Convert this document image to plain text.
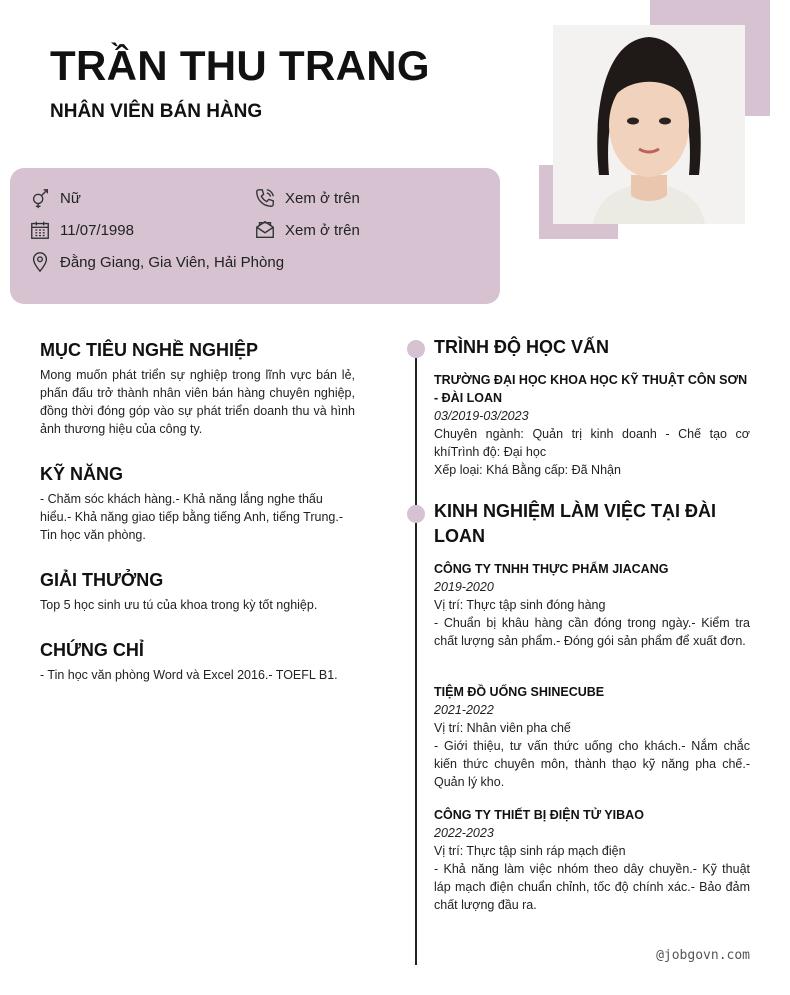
TRẦN THU TRANG
NHÂN VIÊN BÁN HÀNG
Nữ	Xem ở trên
11/07/1998	Xem ở trên
Đằng Giang, Gia Viên, Hải Phòng
MỤC TIÊU NGHỀ NGHIỆP

Mong muốn phát triển sự nghiệp trong lĩnh vực bán lẻ, phấn đấu trở thành nhân viên bán hàng chuyên nghiệp, đồng thời đóng góp vào sự phát triển doanh thu và hình ảnh thương hiệu của công ty.

KỸ NĂNG

- Chăm sóc khách hàng.- Khả năng lắng nghe thấu hiểu.- Khả năng giao tiếp bằng tiếng Anh, tiếng Trung.- Tin học văn phòng.

GIẢI THƯỞNG

Top 5 học sinh ưu tú của khoa trong kỳ tốt nghiệp.

CHỨNG CHỈ

- Tin học văn phòng Word và Excel 2016.- TOEFL B1.

TRÌNH ĐỘ HỌC VẤN

TRƯỜNG ĐẠI HỌC KHOA HỌC KỸ THUẬT CÔN SƠN - ĐÀI LOAN

03/2019-03/2023

Chuyên ngành: Quản trị kinh doanh - Chế tạo cơ khíTrình độ: Đại học

Xếp loại: Khá Bằng cấp: Đã Nhận

KINH NGHIỆM LÀM VIỆC TẠI ĐÀI LOAN

CÔNG TY TNHH THỰC PHẨM JIACANG

2019-2020

Vị trí: Thực tập sinh đóng hàng

- Chuẩn bị khâu hàng cần đóng trong ngày.- Kiểm tra chất lượng sản phẩm.- Đóng gói sản phẩm để xuất đơn.

TIỆM ĐỒ UỐNG SHINECUBE

2021-2022

Vị trí: Nhân viên pha chế

- Giới thiệu, tư vấn thức uống cho khách.- Nắm chắc kiến thức chuyên môn, thành thạo kỹ năng pha chế.- Quản lý kho.

CÔNG TY THIẾT BỊ ĐIỆN TỬ YIBAO

2022-2023

Vị trí: Thực tập sinh ráp mạch điện

- Khả năng làm việc nhóm theo dây chuyền.- Kỹ thuật láp mạch điện chuẩn chỉnh, tốc độ chính xác.- Bảo đảm chất lượng đầu ra.

@jobgovn.com
